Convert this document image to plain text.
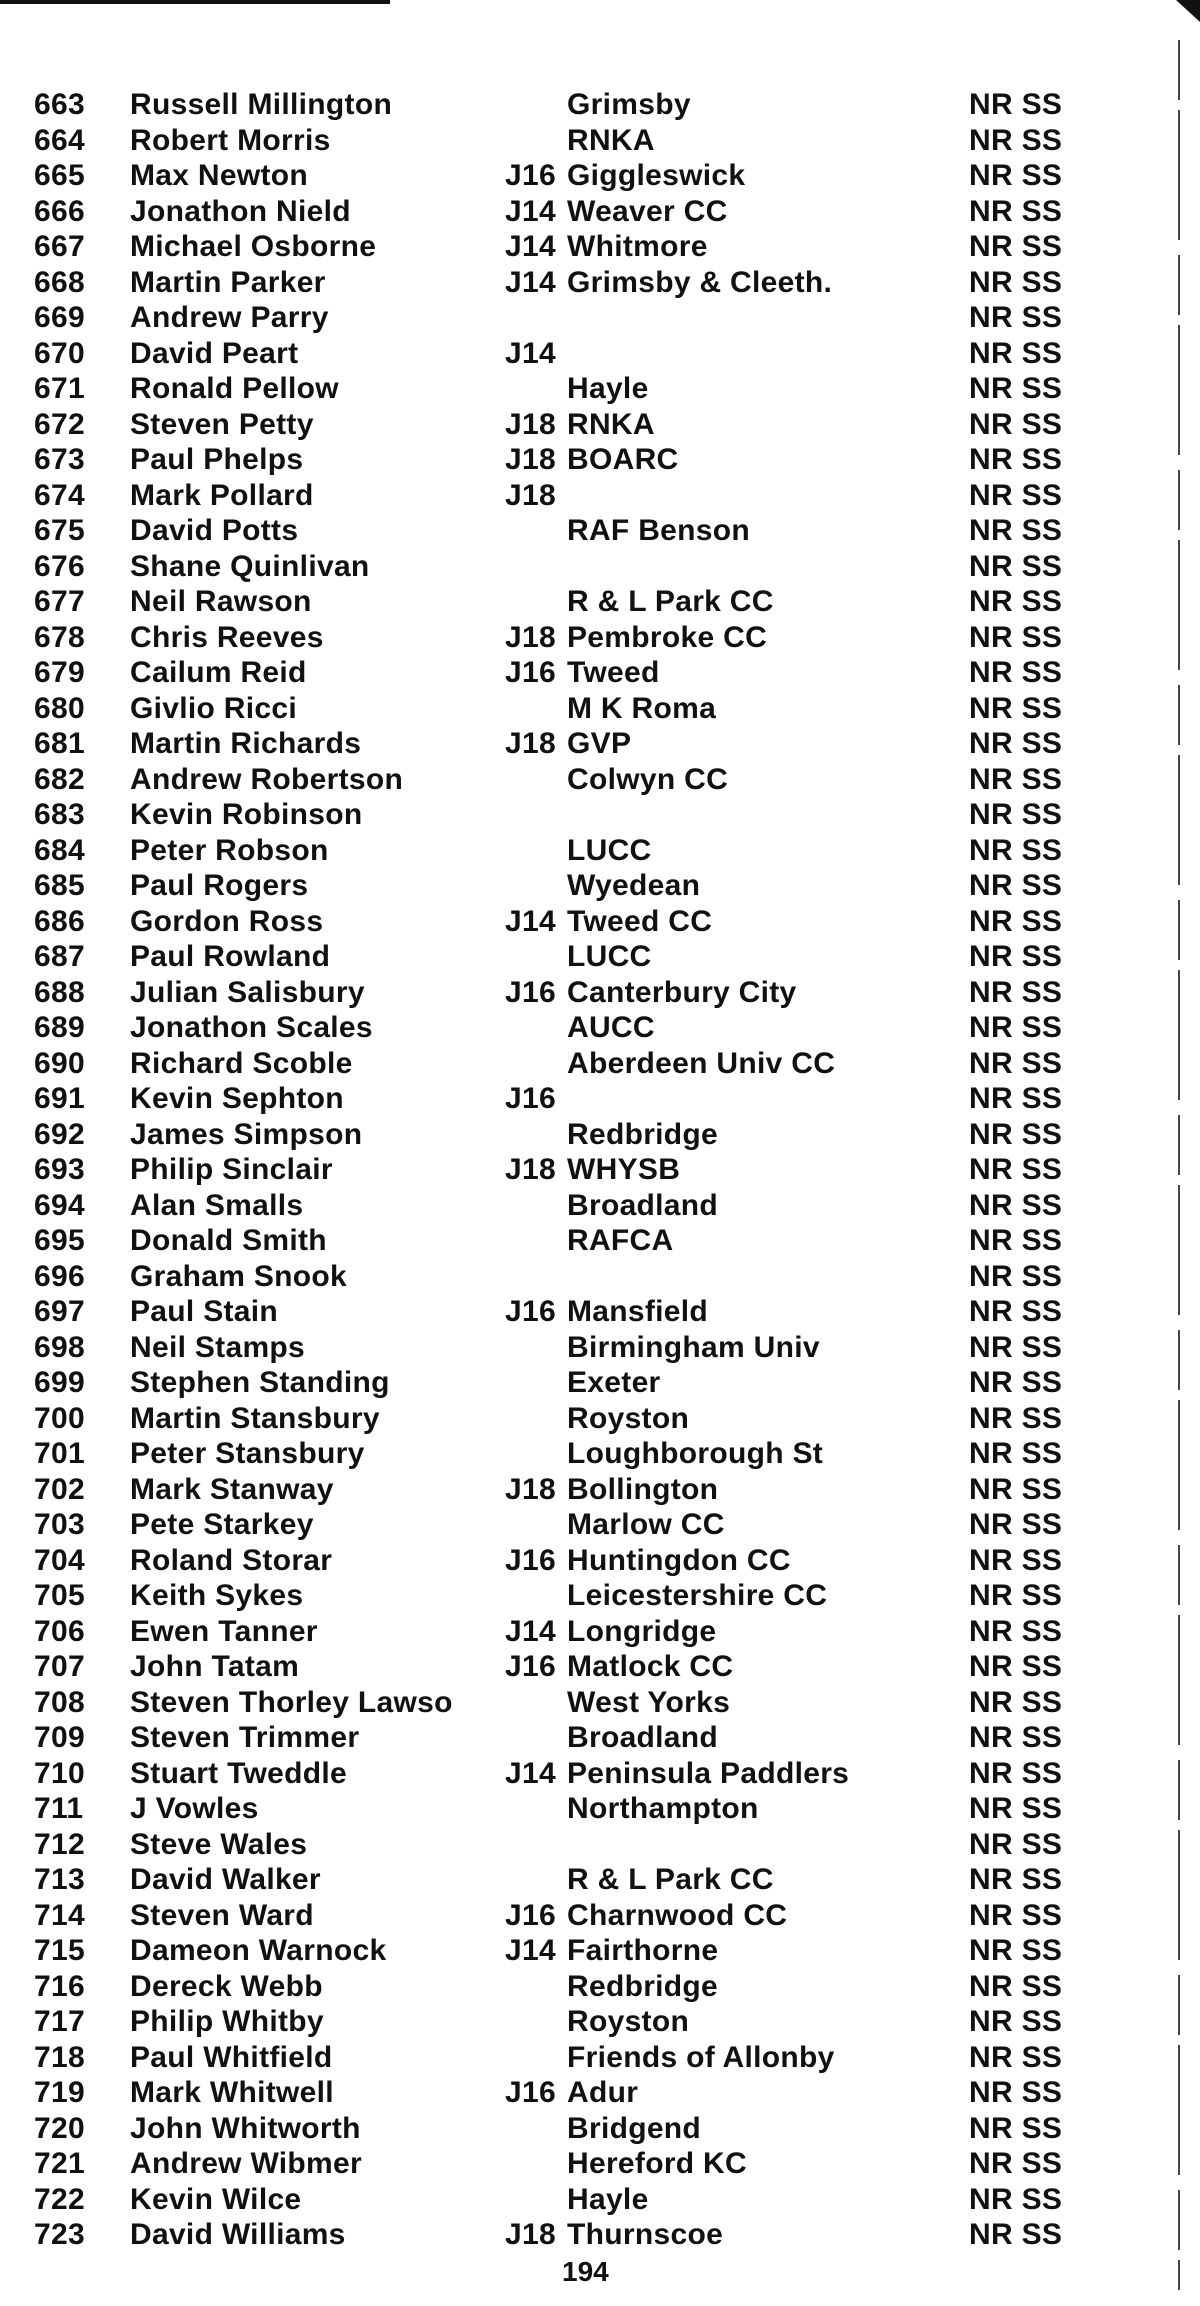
663	Russell Millington	Grimsby	NR SS
664	Robert Morris	RNKA	NR SS
665	Max Newton	J16 Giggleswick	NR SS
666	Jonathon Nield	J14 Weaver CC	NR SS
667	Michael Osborne	J14 Whitmore	NR SS
668	Martin Parker	J14 Grimsby & Cleeth.	NR SS
669	Andrew Parry	NR SS
670	David Peart	J14	NR SS
671	Ronald Pellow	Hayle	NR SS
672	Steven Petty	J18 RNKA	NR SS
673	Paul Phelps	J18 BOARC	NR SS
674	Mark Pollard	J18	NR SS
675	David Potts	RAF Benson	NR SS
676	Shane Quinlivan	NR SS
677	Neil Rawson	R & L Park CC	NR SS
678	Chris Reeves	J18 Pembroke CC	NR SS
679	Cailum Reid	J16 Tweed	NR SS
680	Givlio Ricci	M K Roma	NR SS
681	Martin Richards	J18 GVP	NR SS
682	Andrew Robertson	Colwyn CC	NR SS
683	Kevin Robinson	NR SS
684	Peter Robson	LUCC	NR SS
685	Paul Rogers	Wyedean	NR SS
686	Gordon Ross	J14 Tweed CC	NR SS
687	Paul Rowland	LUCC	NR SS
688	Julian Salisbury	J16 Canterbury City	NR SS
689	Jonathon Scales	AUCC	NR SS
690	Richard Scoble	Aberdeen Univ CC	NR SS
691	Kevin Sephton	J16	NR SS
692	James Simpson	Redbridge	NR SS
693	Philip Sinclair	J18 WHYSB	NR SS
694	Alan Smalls	Broadland	NR SS
695	Donald Smith	RAFCA	NR SS
696	Graham Snook	NR SS
697	Paul Stain	J16 Mansfield	NR SS
698	Neil Stamps	Birmingham Univ	NR SS
699	Stephen Standing	Exeter	NR SS
700	Martin Stansbury	Royston	NR SS
701	Peter Stansbury	Loughborough St	NR SS
702	Mark Stanway	J18 Bollington	NR SS
703	Pete Starkey	Marlow CC	NR SS
704	Roland Storar	J16 Huntingdon CC	NR SS
705	Keith Sykes	Leicestershire CC	NR SS
706	Ewen Tanner	J14 Longridge	NR SS
707	John Tatam	J16 Matlock CC	NR SS
708	Steven Thorley Lawso	West Yorks	NR SS
709	Steven Trimmer	Broadland	NR SS
710	Stuart Tweddle	J14 Peninsula Paddlers	NR SS
711	J Vowles	Northampton	NR SS
712	Steve Wales	NR SS
713	David Walker	R & L Park CC	NR SS
714	Steven Ward	J16 Charnwood CC	NR SS
715	Dameon Warnock	J14 Fairthorne	NR SS
716	Dereck Webb	Redbridge	NR SS
717	Philip Whitby	Royston	NR SS
718	Paul Whitfield	Friends of Allonby	NR SS
719	Mark Whitwell	J16 Adur	NR SS
720	John Whitworth	Bridgend	NR SS
721	Andrew Wibmer	Hereford KC	NR SS
722	Kevin Wilce	Hayle	NR SS
723	David Williams	J18 Thurnscoe	NR SS
194
